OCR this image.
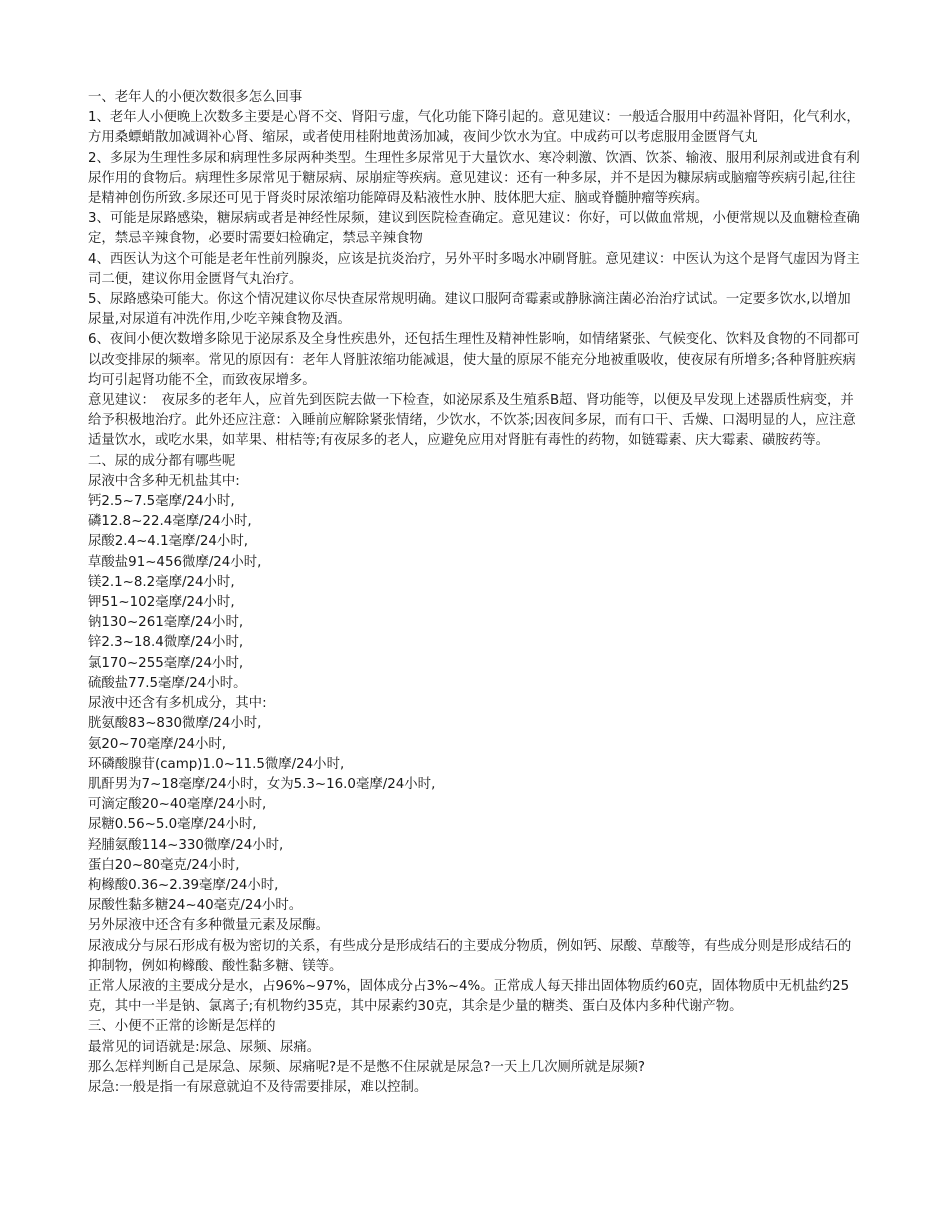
一、老年人的小便次数很多怎么回事
1、老年人小便晚上次数多主要是心肾不交、肾阳亏虚，气化功能下降引起的。意见建议：一般适合服用中药温补肾阳，化气利水，方用桑螵蛸散加减调补心肾、缩尿，或者使用桂附地黄汤加减，夜间少饮水为宜。中成药可以考虑服用金匮肾气丸
2、多尿为生理性多尿和病理性多尿两种类型。生理性多尿常见于大量饮水、寒冷刺激、饮酒、饮茶、输液、服用利尿剂或进食有利尿作用的食物后。病理性多尿常见于糖尿病、尿崩症等疾病。意见建议：还有一种多尿，并不是因为糠尿病或脑瘤等疾病引起,往往是精神创伤所致.多尿还可见于肾炎时尿浓缩功能障碍及粘液性水肿、肢体肥大症、脑或脊髓肿瘤等疾病。
3、可能是尿路感染，糖尿病或者是神经性尿频，建议到医院检查确定。意见建议：你好，可以做血常规，小便常规以及血糖检查确定，禁忌辛辣食物，必要时需要妇检确定，禁忌辛辣食物
4、西医认为这个可能是老年性前列腺炎，应该是抗炎治疗，另外平时多喝水冲刷肾脏。意见建议：中医认为这个是肾气虚因为肾主司二便，建议你用金匮肾气丸治疗。
5、尿路感染可能大。你这个情况建议你尽快查尿常规明确。建议口服阿奇霉素或静脉滴注菌必治治疗试试。一定要多饮水,以增加尿量,对尿道有冲洗作用,少吃辛辣食物及酒。
6、夜间小便次数增多除见于泌尿系及全身性疾患外，还包括生理性及精神性影响，如情绪紧张、气候变化、饮料及食物的不同都可以改变排尿的频率。常见的原因有：老年人肾脏浓缩功能减退，使大量的原尿不能充分地被重吸收，使夜尿有所增多;各种肾脏疾病均可引起肾功能不全，而致夜尿增多。
意见建议：　夜尿多的老年人，应首先到医院去做一下检查，如泌尿系及生殖系B超、肾功能等，以便及早发现上述器质性病变，并给予积极地治疗。此外还应注意：入睡前应解除紧张情绪，少饮水，不饮茶;因夜间多尿，而有口干、舌燥、口渴明显的人，应注意适量饮水，或吃水果，如苹果、柑桔等;有夜尿多的老人，应避免应用对肾脏有毒性的药物，如链霉素、庆大霉素、磺胺药等。
二、尿的成分都有哪些呢
尿液中含多种无机盐其中:
钙2.5~7.5毫摩/24小时,
磷12.8~22.4毫摩/24小时,
尿酸2.4~4.1毫摩/24小时,
草酸盐91~456微摩/24小时,
镁2.1~8.2毫摩/24小时,
钾51~102毫摩/24小时,
钠130~261毫摩/24小时,
锌2.3~18.4微摩/24小时,
氯170~255毫摩/24小时,
硫酸盐77.5毫摩/24小时。
尿液中还含有多机成分，其中:
胱氨酸83~830微摩/24小时,
氨20~70毫摩/24小时,
环磷酸腺苷(camp)1.0~11.5微摩/24小时,
肌酐男为7~18毫摩/24小时，女为5.3~16.0毫摩/24小时,
可滴定酸20~40毫摩/24小时,
尿糖0.56~5.0毫摩/24小时,
羟脯氨酸114~330微摩/24小时,
蛋白20~80毫克/24小时,
枸橼酸0.36~2.39毫摩/24小时,
尿酸性黏多糖24~40毫克/24小时。
另外尿液中还含有多种微量元素及尿酶。
尿液成分与尿石形成有极为密切的关系，有些成分是形成结石的主要成分物质，例如钙、尿酸、草酸等，有些成分则是形成结石的抑制物，例如枸橼酸、酸性黏多糖、镁等。
正常人尿液的主要成分是水，占96%~97%，固体成分占3%~4%。正常成人每天排出固体物质约60克，固体物质中无机盐约25克，其中一半是钠、氯离子;有机物约35克，其中尿素约30克，其余是少量的糖类、蛋白及体内多种代谢产物。
三、小便不正常的诊断是怎样的
最常见的词语就是:尿急、尿频、尿痛。
那么怎样判断自己是尿急、尿频、尿痛呢?是不是憋不住尿就是尿急?一天上几次厕所就是尿频?
尿急:一般是指一有尿意就迫不及待需要排尿，难以控制。
